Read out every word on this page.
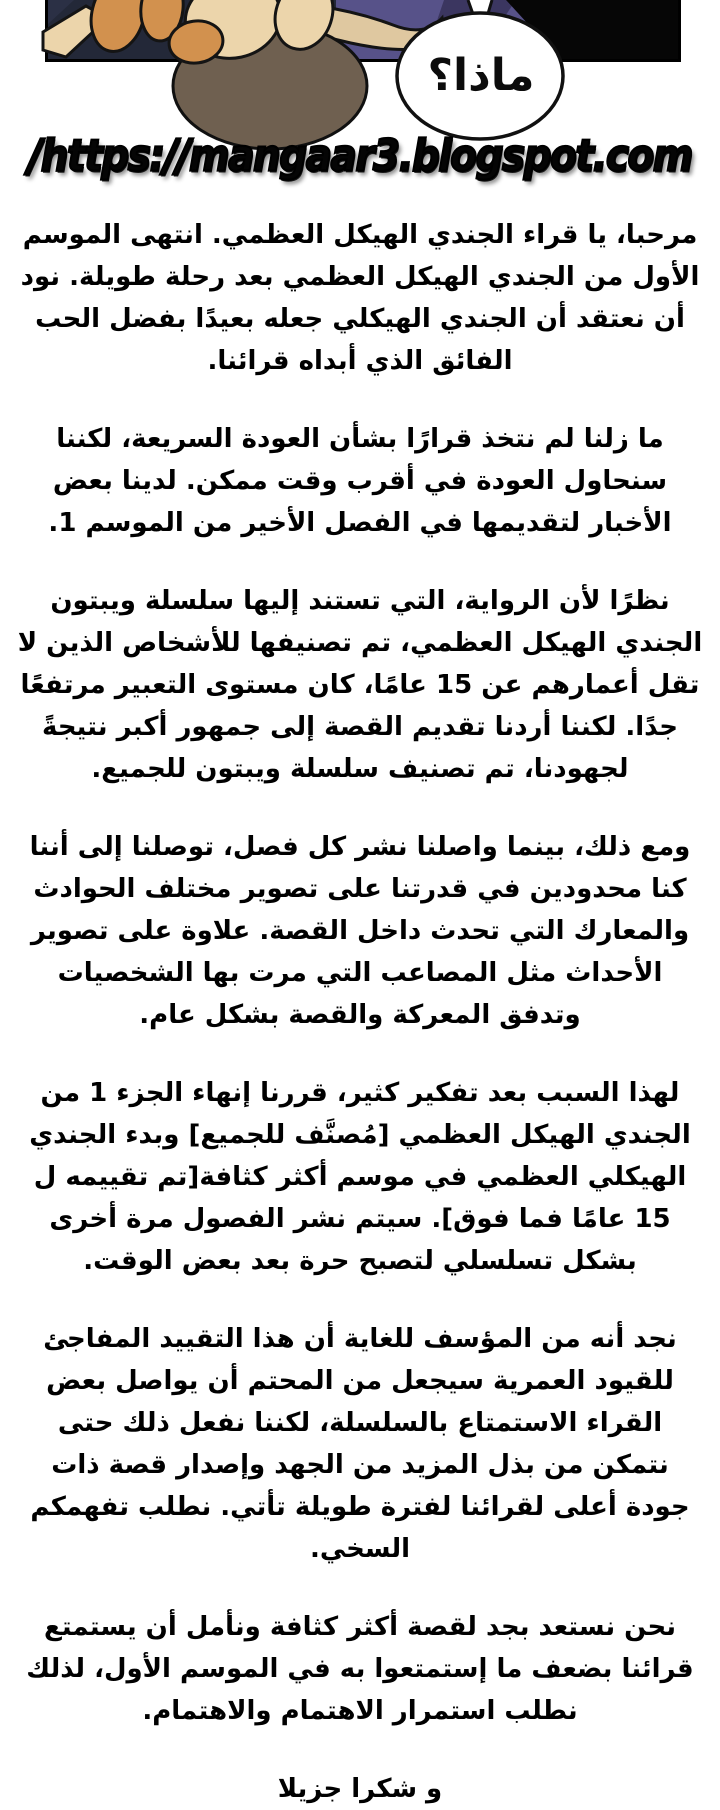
ماذا؟
/https://mangaar3.blogspot.com

مرحبا، يا قراء الجندي الهيكل العظمي. انتهى الموسم الأول من الجندي الهيكل العظمي بعد رحلة طويلة. نود أن نعتقد أن الجندي الهيكلي جعله بعيدًا بفضل الحب الفائق الذي أبداه قرائنا.

ما زلنا لم نتخذ قرارًا بشأن العودة السريعة، لكننا سنحاول العودة في أقرب وقت ممكن. لدينا بعض الأخبار لتقديمها في الفصل الأخير من الموسم 1.

نظرًا لأن الرواية، التي تستند إليها سلسلة ويبتون الجندي الهيكل العظمي، تم تصنيفها للأشخاص الذين لا تقل أعمارهم عن 15 عامًا، كان مستوى التعبير مرتفعًا جدًا. لكننا أردنا تقديم القصة إلى جمهور أكبر نتيجةً لجهودنا، تم تصنيف سلسلة ويبتون للجميع.

ومع ذلك، بينما واصلنا نشر كل فصل، توصلنا إلى أننا كنا محدودين في قدرتنا على تصوير مختلف الحوادث والمعارك التي تحدث داخل القصة. علاوة على تصوير الأحداث مثل المصاعب التي مرت بها الشخصيات وتدفق المعركة والقصة بشكل عام.

لهذا السبب بعد تفكير كثير، قررنا إنهاء الجزء 1 من الجندي الهيكل العظمي [مُصنَّف للجميع] وبدء الجندي الهيكلي العظمي في موسم أكثر كثافة[تم تقييمه ل 15 عامًا فما فوق]. سيتم نشر الفصول مرة أخرى بشكل تسلسلي لتصبح حرة بعد بعض الوقت.

نجد أنه من المؤسف للغاية أن هذا التقييد المفاجئ للقيود العمرية سيجعل من المحتم أن يواصل بعض القراء الاستمتاع بالسلسلة، لكننا نفعل ذلك حتى نتمكن من بذل المزيد من الجهد وإصدار قصة ذات جودة أعلى لقرائنا لفترة طويلة تأتي. نطلب تفهمكم السخي.

نحن نستعد بجد لقصة أكثر كثافة ونأمل أن يستمتع قرائنا بضعف ما إستمتعوا به في الموسم الأول، لذلك نطلب استمرار الاهتمام والاهتمام.

و شكرا جزيلا
